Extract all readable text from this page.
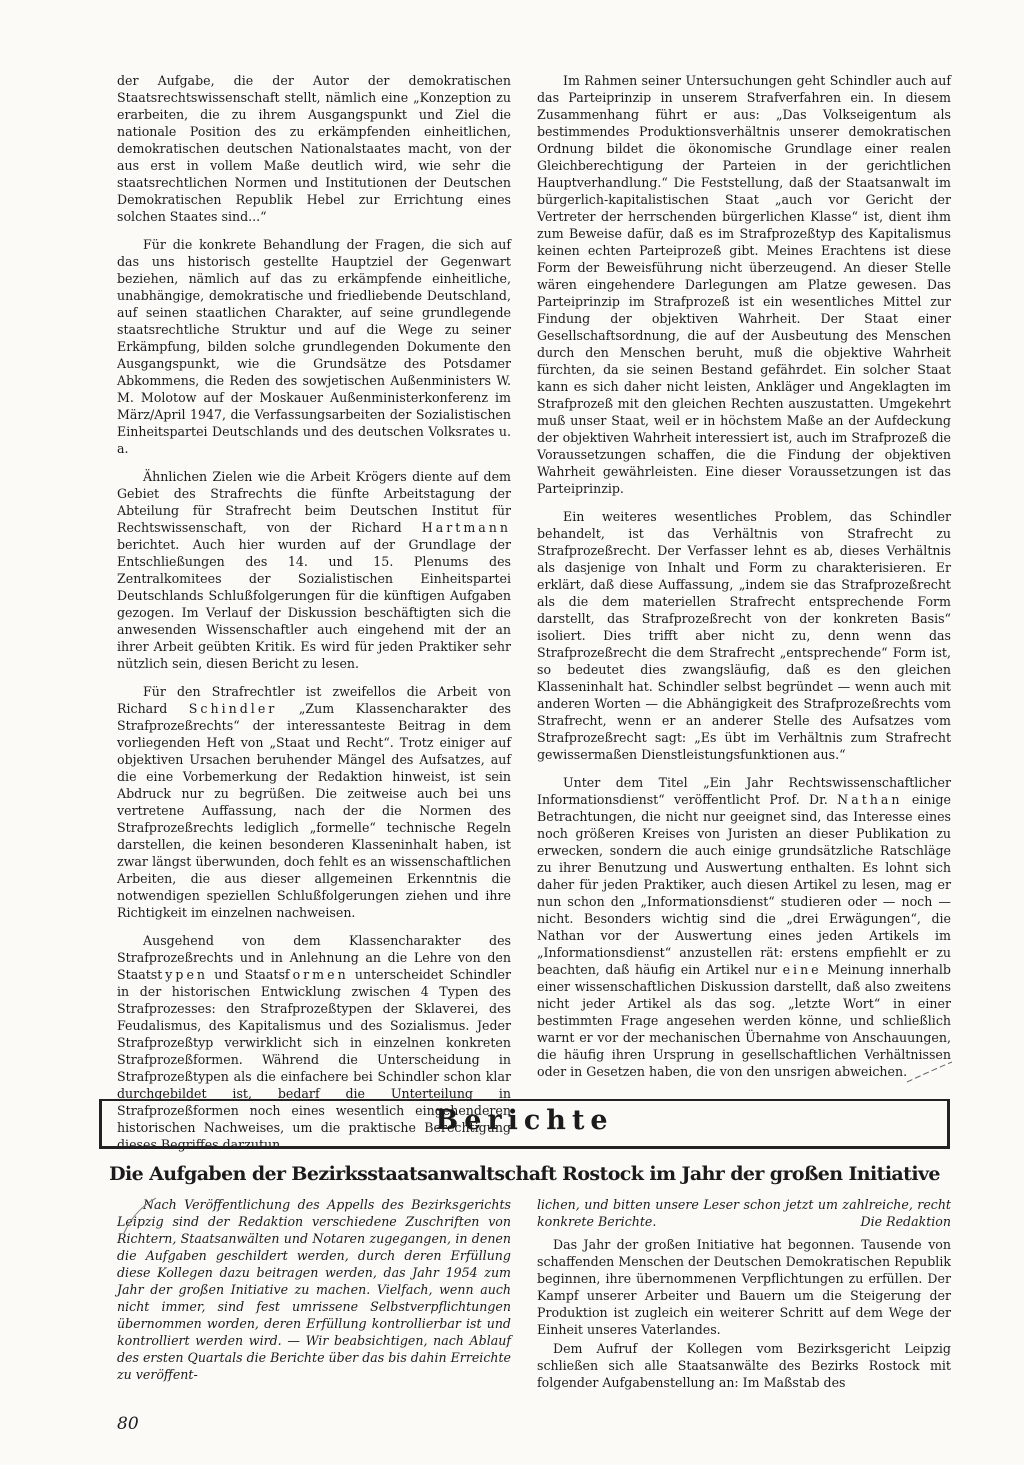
der Aufgabe, die der Autor der demokratischen Staatsrechtswissenschaft stellt, nämlich eine „Konzeption zu erarbeiten, die zu ihrem Ausgangspunkt und Ziel die nationale Position des zu erkämpfenden einheitlichen, demokratischen deutschen Nationalstaates macht, von der aus erst in vollem Maße deutlich wird, wie sehr die staatsrechtlichen Normen und Institutionen der Deutschen Demokratischen Republik Hebel zur Errichtung eines solchen Staates sind...“

Für die konkrete Behandlung der Fragen, die sich auf das uns historisch gestellte Hauptziel der Gegenwart beziehen, nämlich auf das zu erkämpfende einheitliche, unabhängige, demokratische und friedliebende Deutschland, auf seinen staatlichen Charakter, auf seine grundlegende staatsrechtliche Struktur und auf die Wege zu seiner Erkämpfung, bilden solche grundlegenden Dokumente den Ausgangspunkt, wie die Grundsätze des Potsdamer Abkommens, die Reden des sowjetischen Außenministers W. M. Molotow auf der Moskauer Außenministerkonferenz im März/April 1947, die Verfassungsarbeiten der Sozialistischen Einheitspartei Deutschlands und des deutschen Volksrates u. a.

Ähnlichen Zielen wie die Arbeit Krögers diente auf dem Gebiet des Strafrechts die fünfte Arbeitstagung der Abteilung für Strafrecht beim Deutschen Institut für Rechtswissenschaft, von der Richard Hartmann berichtet. Auch hier wurden auf der Grundlage der Entschließungen des 14. und 15. Plenums des Zentralkomitees der Sozialistischen Einheitspartei Deutschlands Schlußfolgerungen für die künftigen Aufgaben gezogen. Im Verlauf der Diskussion beschäftigten sich die anwesenden Wissenschaftler auch eingehend mit der an ihrer Arbeit geübten Kritik. Es wird für jeden Praktiker sehr nützlich sein, diesen Bericht zu lesen.

Für den Strafrechtler ist zweifellos die Arbeit von Richard Schindler „Zum Klassencharakter des Strafprozeßrechts“ der interessanteste Beitrag in dem vorliegenden Heft von „Staat und Recht“. Trotz einiger auf objektiven Ursachen beruhender Mängel des Aufsatzes, auf die eine Vorbemerkung der Redaktion hinweist, ist sein Abdruck nur zu begrüßen. Die zeitweise auch bei uns vertretene Auffassung, nach der die Normen des Strafprozeßrechts lediglich „formelle“ technische Regeln darstellen, die keinen besonderen Klasseninhalt haben, ist zwar längst überwunden, doch fehlt es an wissenschaftlichen Arbeiten, die aus dieser allgemeinen Erkenntnis die notwendigen speziellen Schlußfolgerungen ziehen und ihre Richtigkeit im einzelnen nachweisen.

Ausgehend von dem Klassencharakter des Strafprozeßrechts und in Anlehnung an die Lehre von den Staatstypen und Staatsformen unterscheidet Schindler in der historischen Entwicklung zwischen 4 Typen des Strafprozesses: den Strafprozeßtypen der Sklaverei, des Feudalismus, des Kapitalismus und des Sozialismus. Jeder Strafprozeßtyp verwirklicht sich in einzelnen konkreten Strafprozeßformen. Während die Unterscheidung in Strafprozeßtypen als die einfachere bei Schindler schon klar durchgebildet ist, bedarf die Unterteilung in Strafprozeßformen noch eines wesentlich eingehenderen historischen Nachweises, um die praktische Berechtigung dieses Begriffes darzutun.

Im Rahmen seiner Untersuchungen geht Schindler auch auf das Parteiprinzip in unserem Strafverfahren ein. In diesem Zusammenhang führt er aus: „Das Volkseigentum als bestimmendes Produktionsverhältnis unserer demokratischen Ordnung bildet die ökonomische Grundlage einer realen Gleichberechtigung der Parteien in der gerichtlichen Hauptverhandlung.“ Die Feststellung, daß der Staatsanwalt im bürgerlich-kapitalistischen Staat „auch vor Gericht der Vertreter der herrschenden bürgerlichen Klasse“ ist, dient ihm zum Beweise dafür, daß es im Strafprozeßtyp des Kapitalismus keinen echten Parteiprozeß gibt. Meines Erachtens ist diese Form der Beweisführung nicht überzeugend. An dieser Stelle wären eingehendere Darlegungen am Platze gewesen. Das Parteiprinzip im Strafprozeß ist ein wesentliches Mittel zur Findung der objektiven Wahrheit. Der Staat einer Gesellschaftsordnung, die auf der Ausbeutung des Menschen durch den Menschen beruht, muß die objektive Wahrheit fürchten, da sie seinen Bestand gefährdet. Ein solcher Staat kann es sich daher nicht leisten, Ankläger und Angeklagten im Strafprozeß mit den gleichen Rechten auszustatten. Umgekehrt muß unser Staat, weil er in höchstem Maße an der Aufdeckung der objektiven Wahrheit interessiert ist, auch im Strafprozeß die Voraussetzungen schaffen, die die Findung der objektiven Wahrheit gewährleisten. Eine dieser Voraussetzungen ist das Parteiprinzip.

Ein weiteres wesentliches Problem, das Schindler behandelt, ist das Verhältnis von Strafrecht zu Strafprozeßrecht. Der Verfasser lehnt es ab, dieses Verhältnis als dasjenige von Inhalt und Form zu charakterisieren. Er erklärt, daß diese Auffassung, „indem sie das Strafprozeßrecht als die dem materiellen Strafrecht entsprechende Form darstellt, das Strafprozeßrecht von der konkreten Basis“ isoliert. Dies trifft aber nicht zu, denn wenn das Strafprozeßrecht die dem Strafrecht „entsprechende“ Form ist, so bedeutet dies zwangsläufig, daß es den gleichen Klasseninhalt hat. Schindler selbst begründet — wenn auch mit anderen Worten — die Abhängigkeit des Strafprozeßrechts vom Strafrecht, wenn er an anderer Stelle des Aufsatzes vom Strafprozeßrecht sagt: „Es übt im Verhältnis zum Strafrecht gewissermaßen Dienstleistungsfunktionen aus.“

Unter dem Titel „Ein Jahr Rechtswissenschaftlicher Informationsdienst“ veröffentlicht Prof. Dr. Nathan einige Betrachtungen, die nicht nur geeignet sind, das Interesse eines noch größeren Kreises von Juristen an dieser Publikation zu erwecken, sondern die auch einige grundsätzliche Ratschläge zu ihrer Benutzung und Auswertung enthalten. Es lohnt sich daher für jeden Praktiker, auch diesen Artikel zu lesen, mag er nun schon den „Informationsdienst“ studieren oder — noch — nicht. Besonders wichtig sind die „drei Erwägungen“, die Nathan vor der Auswertung eines jeden Artikels im „Informationsdienst“ anzustellen rät: erstens empfiehlt er zu beachten, daß häufig ein Artikel nur eine Meinung innerhalb einer wissenschaftlichen Diskussion darstellt, daß also zweitens nicht jeder Artikel als das sog. „letzte Wort“ in einer bestimmten Frage angesehen werden könne, und schließlich warnt er vor der mechanischen Übernahme von Anschauungen, die häufig ihren Ursprung in gesellschaftlichen Verhältnissen oder in Gesetzen haben, die von den unsrigen abweichen.

Berichte
Die Aufgaben der Bezirksstaatsanwaltschaft Rostock im Jahr der großen Initiative

Nach Veröffentlichung des Appells des Bezirksgerichts Leipzig sind der Redaktion verschiedene Zuschriften von Richtern, Staatsanwälten und Notaren zugegangen, in denen die Aufgaben geschildert werden, durch deren Erfüllung diese Kollegen dazu beitragen werden, das Jahr 1954 zum Jahr der großen Initiative zu machen. Vielfach, wenn auch nicht immer, sind fest umrissene Selbstverpflichtungen übernommen worden, deren Erfüllung kontrollierbar ist und kontrolliert werden wird. — Wir beabsichtigen, nach Ablauf des ersten Quartals die Berichte über das bis dahin Erreichte zu veröffent-

lichen, und bitten unsere Leser schon jetzt um zahlreiche, recht konkrete Berichte.	Die Redaktion

Das Jahr der großen Initiative hat begonnen. Tausende von schaffenden Menschen der Deutschen Demokratischen Republik beginnen, ihre übernommenen Verpflichtungen zu erfüllen. Der Kampf unserer Arbeiter und Bauern um die Steigerung der Produktion ist zugleich ein weiterer Schritt auf dem Wege der Einheit unseres Vaterlandes.

Dem Aufruf der Kollegen vom Bezirksgericht Leipzig schließen sich alle Staatsanwälte des Bezirks Rostock mit folgender Aufgabenstellung an: Im Maßstab des

80
